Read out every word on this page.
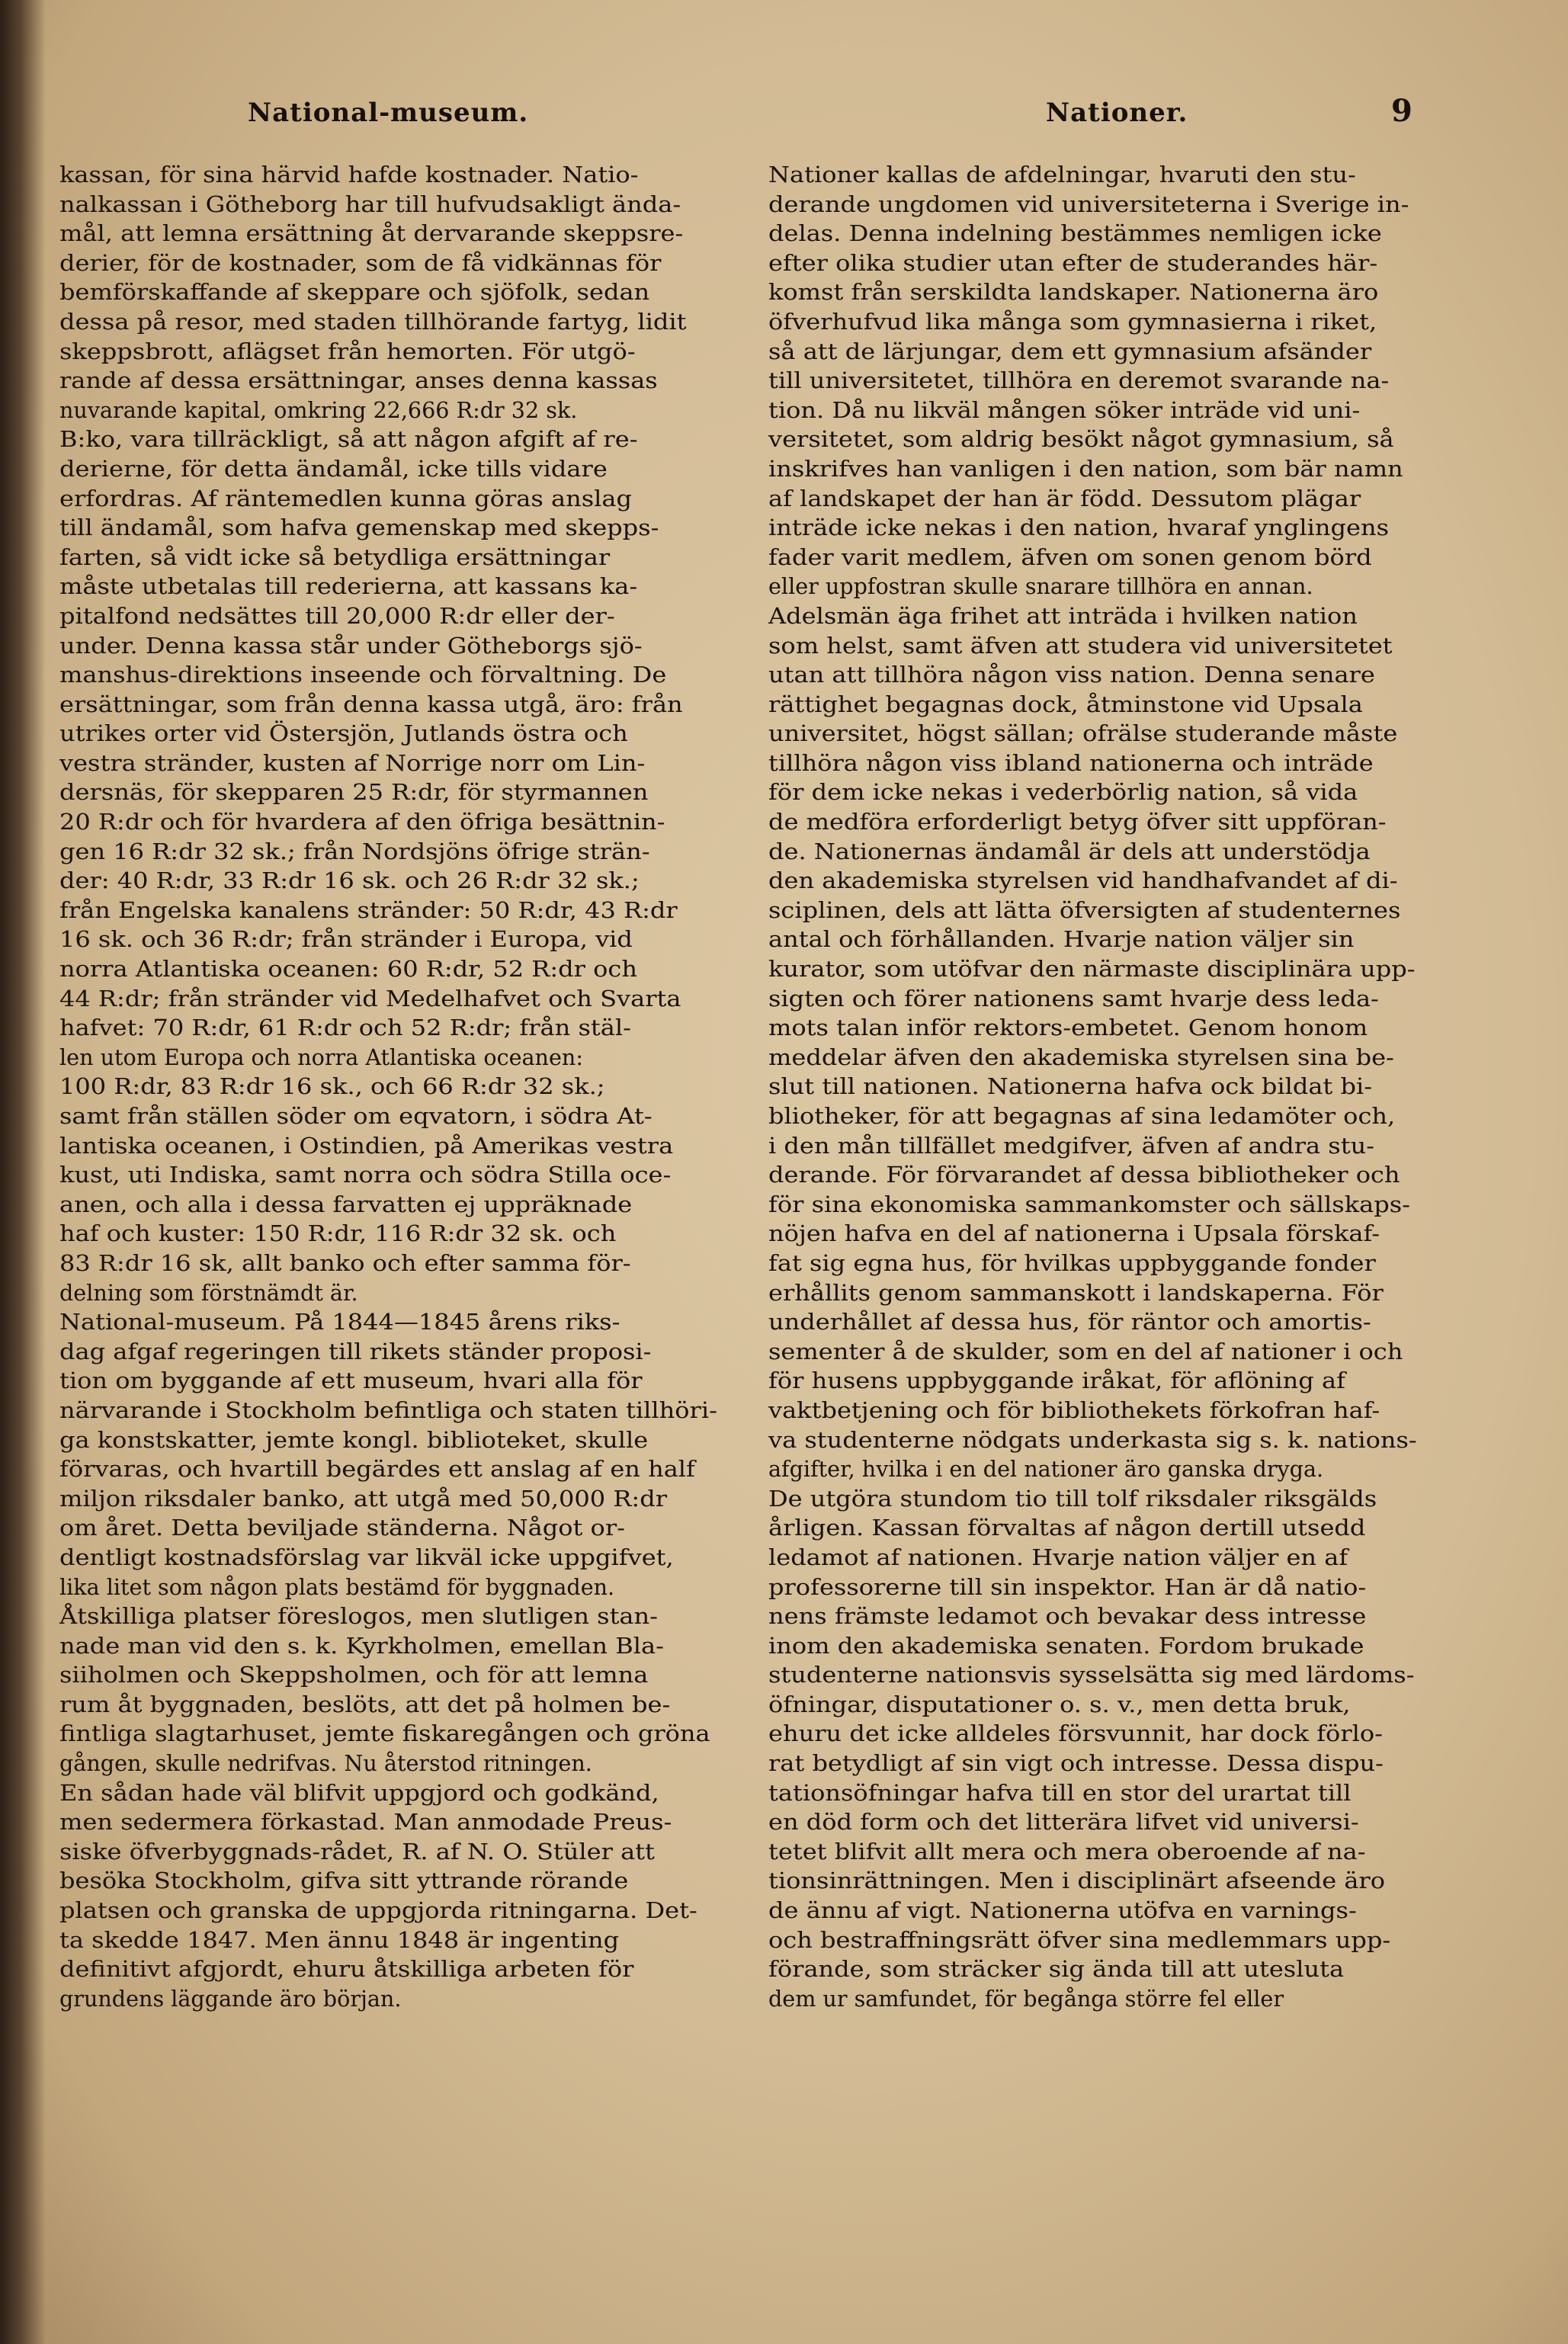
National-museum.	Nationer.	9
kassan, för sina härvid hafde kostnader. Natio-
nalkassan i Götheborg har till hufvudsakligt ända-
mål, att lemna ersättning åt dervarande skeppsre-
derier, för de kostnader, som de få vidkännas för
bemförskaffande af skeppare och sjöfolk, sedan
dessa på resor, med staden tillhörande fartyg, lidit
skeppsbrott, aflägset från hemorten. För utgö-
rande af dessa ersättningar, anses denna kassas
nuvarande kapital, omkring 22,666 R:dr 32 sk.
B:ko, vara tillräckligt, så att någon afgift af re-
derierne, för detta ändamål, icke tills vidare
erfordras. Af räntemedlen kunna göras anslag
till ändamål, som hafva gemenskap med skepps-
farten, så vidt icke så betydliga ersättningar
måste utbetalas till rederierna, att kassans ka-
pitalfond nedsättes till 20,000 R:dr eller der-
under. Denna kassa står under Götheborgs sjö-
manshus-direktions inseende och förvaltning. De
ersättningar, som från denna kassa utgå, äro: från
utrikes orter vid Östersjön, Jutlands östra och
vestra stränder, kusten af Norrige norr om Lin-
dersnäs, för skepparen 25 R:dr, för styrmannen
20 R:dr och för hvardera af den öfriga besättnin-
gen 16 R:dr 32 sk.; från Nordsjöns öfrige strän-
der: 40 R:dr, 33 R:dr 16 sk. och 26 R:dr 32 sk.;
från Engelska kanalens stränder: 50 R:dr, 43 R:dr
16 sk. och 36 R:dr; från stränder i Europa, vid
norra Atlantiska oceanen: 60 R:dr, 52 R:dr och
44 R:dr; från stränder vid Medelhafvet och Svarta
hafvet: 70 R:dr, 61 R:dr och 52 R:dr; från stäl-
len utom Europa och norra Atlantiska oceanen:
100 R:dr, 83 R:dr 16 sk., och 66 R:dr 32 sk.;
samt från ställen söder om eqvatorn, i södra At-
lantiska oceanen, i Ostindien, på Amerikas vestra
kust, uti Indiska, samt norra och södra Stilla oce-
anen, och alla i dessa farvatten ej uppräknade
haf och kuster: 150 R:dr, 116 R:dr 32 sk. och
83 R:dr 16 sk, allt banko och efter samma för-
delning som förstnämdt är.
National-museum. På 1844—1845 årens riks-
dag afgaf regeringen till rikets ständer proposi-
tion om byggande af ett museum, hvari alla för
närvarande i Stockholm befintliga och staten tillhöri-
ga konstskatter, jemte kongl. biblioteket, skulle
förvaras, och hvartill begärdes ett anslag af en half
miljon riksdaler banko, att utgå med 50,000 R:dr
om året. Detta beviljade ständerna. Något or-
dentligt kostnadsförslag var likväl icke uppgifvet,
lika litet som någon plats bestämd för byggnaden.
Åtskilliga platser föreslogos, men slutligen stan-
nade man vid den s. k. Kyrkholmen, emellan Bla-
siiholmen och Skeppsholmen, och för att lemna
rum åt byggnaden, beslöts, att det på holmen be-
fintliga slagtarhuset, jemte fiskaregången och gröna
gången, skulle nedrifvas. Nu återstod ritningen.
En sådan hade väl blifvit uppgjord och godkänd,
men sedermera förkastad. Man anmodade Preus-
siske öfverbyggnads-rådet, R. af N. O. Stüler att
besöka Stockholm, gifva sitt yttrande rörande
platsen och granska de uppgjorda ritningarna. Det-
ta skedde 1847. Men ännu 1848 är ingenting
definitivt afgjordt, ehuru åtskilliga arbeten för
grundens läggande äro början.
Nationer kallas de afdelningar, hvaruti den stu-
derande ungdomen vid universiteterna i Sverige in-
delas. Denna indelning bestämmes nemligen icke
efter olika studier utan efter de studerandes här-
komst från serskildta landskaper. Nationerna äro
öfverhufvud lika många som gymnasierna i riket,
så att de lärjungar, dem ett gymnasium afsänder
till universitetet, tillhöra en deremot svarande na-
tion. Då nu likväl mången söker inträde vid uni-
versitetet, som aldrig besökt något gymnasium, så
inskrifves han vanligen i den nation, som bär namn
af landskapet der han är född. Dessutom plägar
inträde icke nekas i den nation, hvaraf ynglingens
fader varit medlem, äfven om sonen genom börd
eller uppfostran skulle snarare tillhöra en annan.
Adelsmän äga frihet att inträda i hvilken nation
som helst, samt äfven att studera vid universitetet
utan att tillhöra någon viss nation. Denna senare
rättighet begagnas dock, åtminstone vid Upsala
universitet, högst sällan; ofrälse studerande måste
tillhöra någon viss ibland nationerna och inträde
för dem icke nekas i vederbörlig nation, så vida
de medföra erforderligt betyg öfver sitt uppföran-
de. Nationernas ändamål är dels att understödja
den akademiska styrelsen vid handhafvandet af di-
sciplinen, dels att lätta öfversigten af studenternes
antal och förhållanden. Hvarje nation väljer sin
kurator, som utöfvar den närmaste disciplinära upp-
sigten och förer nationens samt hvarje dess leda-
mots talan inför rektors-embetet. Genom honom
meddelar äfven den akademiska styrelsen sina be-
slut till nationen. Nationerna hafva ock bildat bi-
bliotheker, för att begagnas af sina ledamöter och,
i den mån tillfället medgifver, äfven af andra stu-
derande. För förvarandet af dessa bibliotheker och
för sina ekonomiska sammankomster och sällskaps-
nöjen hafva en del af nationerna i Upsala förskaf-
fat sig egna hus, för hvilkas uppbyggande fonder
erhållits genom sammanskott i landskaperna. För
underhållet af dessa hus, för räntor och amortis-
sementer å de skulder, som en del af nationer i och
för husens uppbyggande iråkat, för aflöning af
vaktbetjening och för bibliothekets förkofran haf-
va studenterne nödgats underkasta sig s. k. nations-
afgifter, hvilka i en del nationer äro ganska dryga.
De utgöra stundom tio till tolf riksdaler riksgälds
årligen. Kassan förvaltas af någon dertill utsedd
ledamot af nationen. Hvarje nation väljer en af
professorerne till sin inspektor. Han är då natio-
nens främste ledamot och bevakar dess intresse
inom den akademiska senaten. Fordom brukade
studenterne nationsvis sysselsätta sig med lärdoms-
öfningar, disputationer o. s. v., men detta bruk,
ehuru det icke alldeles försvunnit, har dock förlo-
rat betydligt af sin vigt och intresse. Dessa dispu-
tationsöfningar hafva till en stor del urartat till
en död form och det litterära lifvet vid universi-
tetet blifvit allt mera och mera oberoende af na-
tionsinrättningen. Men i disciplinärt afseende äro
de ännu af vigt. Nationerna utöfva en varnings-
och bestraffningsrätt öfver sina medlemmars upp-
förande, som sträcker sig ända till att utesluta
dem ur samfundet, för begånga större fel eller
